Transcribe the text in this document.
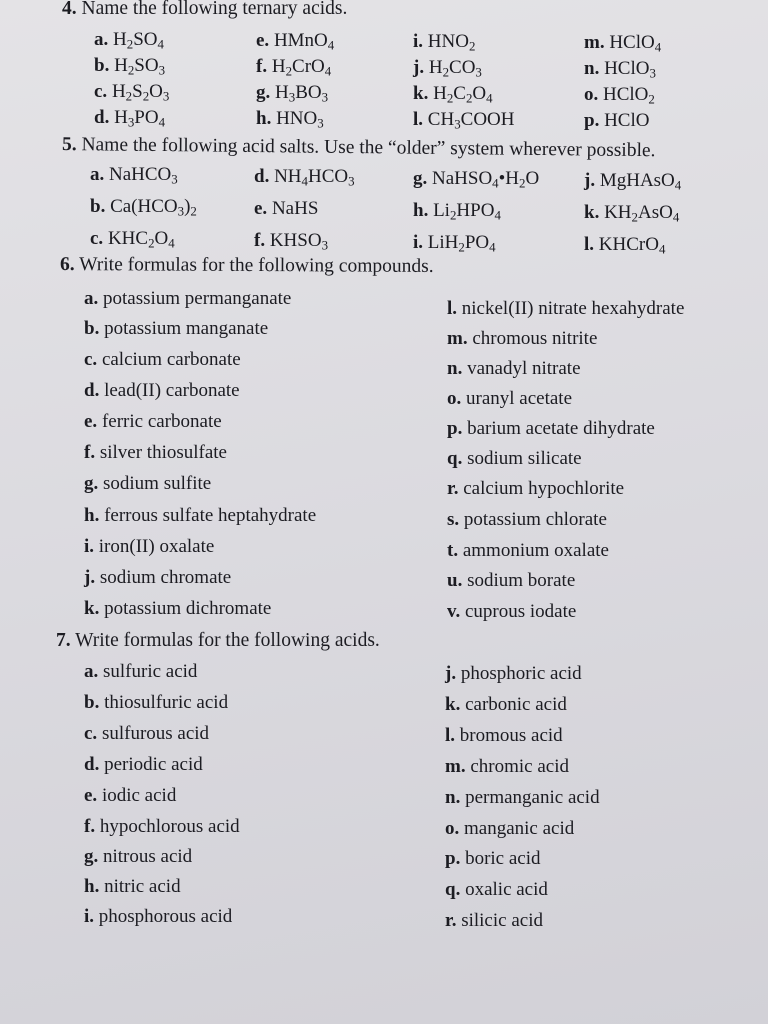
4. Name the following ternary acids.
a. $H_2SO_4$
b. $H_2SO_3$
c. $H_2S_2O_3$
d. $H_3PO_4$
e. HMnO$_4$
f. $H_2CrO_4$
g. $H_3BO_3$
h. $HNO_3$
i. $HNO_2$
j. $H_2CO_3$
k. $H_2C_2O_4$
l. $CH_3COOH$
m. HClO$_4$
n. HClO$_3$
o. HClO$_2$
p. HClO
5. Name the following acid salts. Use the “older” system wherever possible.
a. NaHCO$_3$
b. $Ca(HCO_3)_2$
c. $KHC_2O_4$
d. $NH_4HCO_3$
e. NaHS
f. $KHSO_3$
g. $NaHSO_4•H_2O$
h. $Li_2HPO_4$
i. $LiH_2PO_4$
j. MgHAsO$_4$
k. $KH_2AsO_4$
l. KHCrO$_4$
6. Write formulas for the following compounds.
a. potassium permanganate
b. potassium manganate
c. calcium carbonate
d. lead(II) carbonate
e. ferric carbonate
f. silver thiosulfate
g. sodium sulfite
h. ferrous sulfate heptahydrate
i. iron(II) oxalate
j. sodium chromate
k. potassium dichromate
l. nickel(II) nitrate hexahydrate
m. chromous nitrite
n. vanadyl nitrate
o. uranyl acetate
p. barium acetate dihydrate
q. sodium silicate
r. calcium hypochlorite
s. potassium chlorate
t. ammonium oxalate
u. sodium borate
v. cuprous iodate
7. Write formulas for the following acids.
a. sulfuric acid
b. thiosulfuric acid
c. sulfurous acid
d. periodic acid
e. iodic acid
f. hypochlorous acid
g. nitrous acid
h. nitric acid
i. phosphorous acid
j. phosphoric acid
k. carbonic acid
l. bromous acid
m. chromic acid
n. permanganic acid
o. manganic acid
p. boric acid
q. oxalic acid
r. silicic acid
